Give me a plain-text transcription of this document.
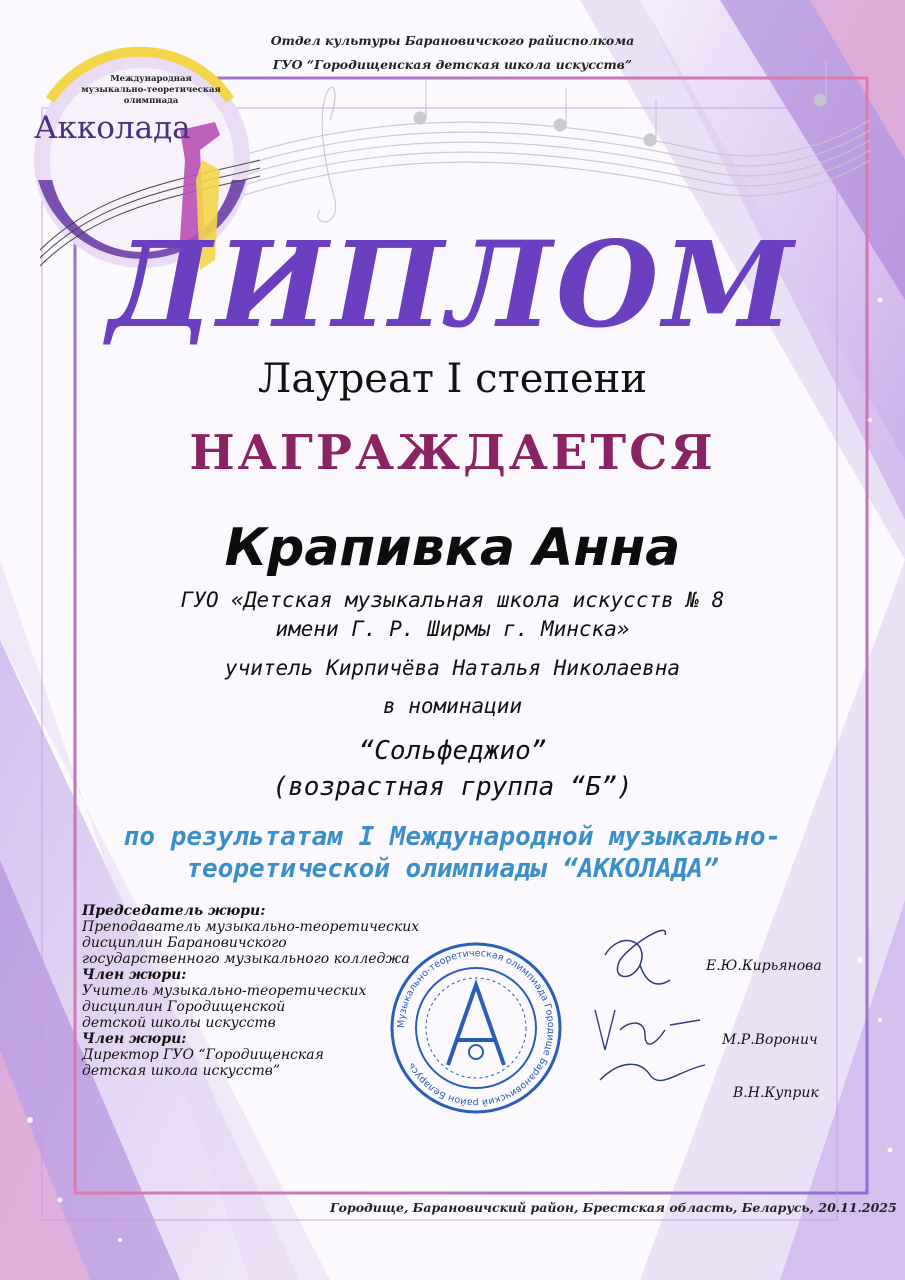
Отдел культуры Барановичского райисполкома
ГУО “Городищенская детская школа искусств”
Международная
музыкально-теоретическая олимпиада
Акколада
ДИПЛОМ
Лауреат I степени
НАГРАЖДАЕТСЯ
Крапивка Анна
ГУО «Детская музыкальная школа искусств № 8
имени Г. Р. Ширмы г. Минска»
учитель Кирпичёва Наталья Николаевна
в номинации
“Сольфеджио”
(возрастная группа “Б”)
по результатам I Международной музыкально-
теоретической олимпиады “АККОЛАДА”
Председатель жюри:
Преподаватель музыкально-теоретических
дисциплин Барановичского
государственного музыкального колледжа
Член жюри:
Учитель музыкально-теоретических
дисциплин Городищенской
детской школы искусств
Член жюри:
Директор ГУО “Городищенская
детская школа искусств”
Е.Ю.Кирьянова
М.Р.Воронич
В.Н.Куприк
Музыкально-теоретическая олимпиада Городище Барановичский район Беларусь
Городище, Барановичский район, Брестская область, Беларусь, 20.11.2025
